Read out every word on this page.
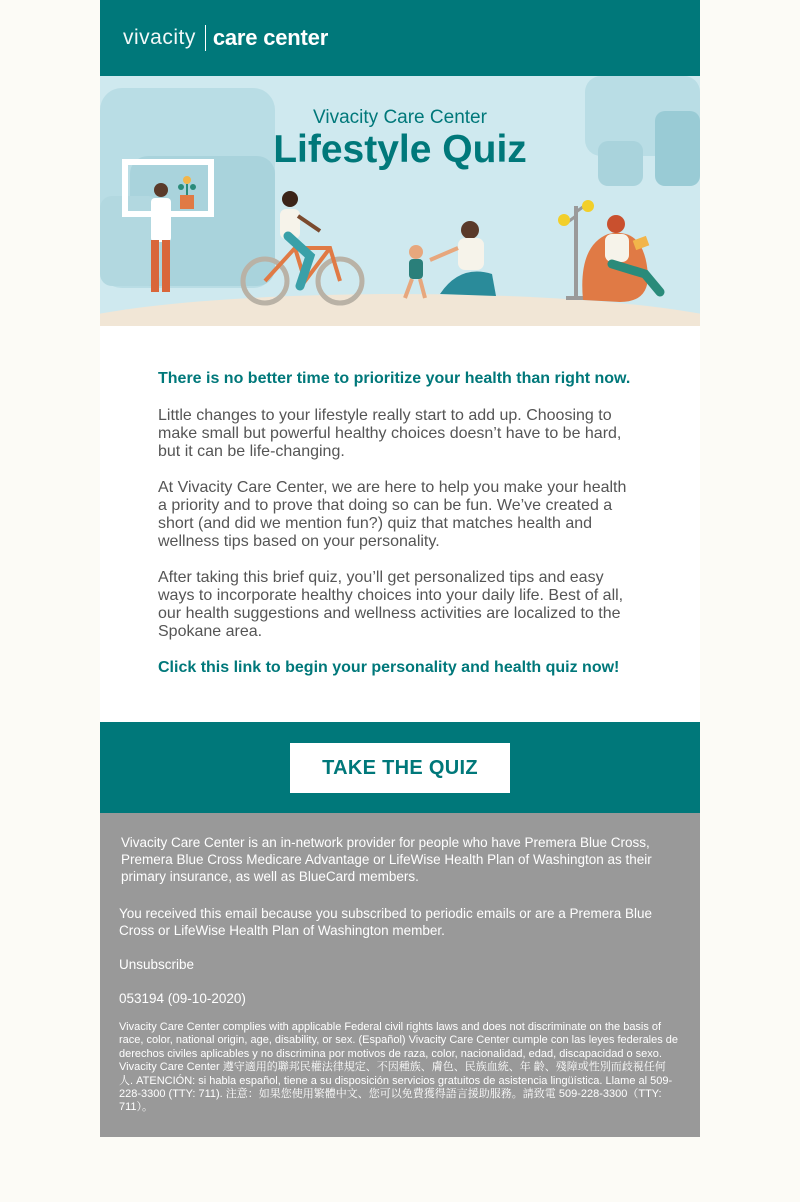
vivacity care center
Vivacity Care Center
Lifestyle Quiz

There is no better time to prioritize your health than right now.

Little changes to your lifestyle really start to add up. Choosing to make small but powerful healthy choices doesn’t have to be hard, but it can be life-changing.

At Vivacity Care Center, we are here to help you make your health a priority and to prove that doing so can be fun. We’ve created a short (and did we mention fun?) quiz that matches health and wellness tips based on your personality.

After taking this brief quiz, you’ll get personalized tips and easy ways to incorporate healthy choices into your daily life. Best of all, our health suggestions and wellness activities are localized to the Spokane area.

Click this link to begin your personality and health quiz now!

TAKE THE QUIZ
Vivacity Care Center is an in-network provider for people who have Premera Blue Cross, Premera Blue Cross Medicare Advantage or LifeWise Health Plan of Washington as their primary insurance, as well as BlueCard members.
You received this email because you subscribed to periodic emails or are a Premera Blue Cross or LifeWise Health Plan of Washington member.
Unsubscribe
053194 (09-10-2020)
Vivacity Care Center complies with applicable Federal civil rights laws and does not discriminate on the basis of race, color, national origin, age, disability, or sex. (Español) Vivacity Care Center cumple con las leyes federales de derechos civiles aplicables y no discrimina por motivos de raza, color, nacionalidad, edad, discapacidad o sexo. Vivacity Care Center 遵守適用的聯邦民權法律規定、不因種族、膚色、民族血統、年 齡、殘障或性別而歧視任何人. ATENCIÓN: si habla español, tiene a su disposición servicios gratuitos de asistencia lingüística. Llame al 509-228-3300 (TTY: 711). 注意：如果您使用繁體中文、您可以免費獲得語言援助服務。請致電 509-228-3300（TTY: 711）。
